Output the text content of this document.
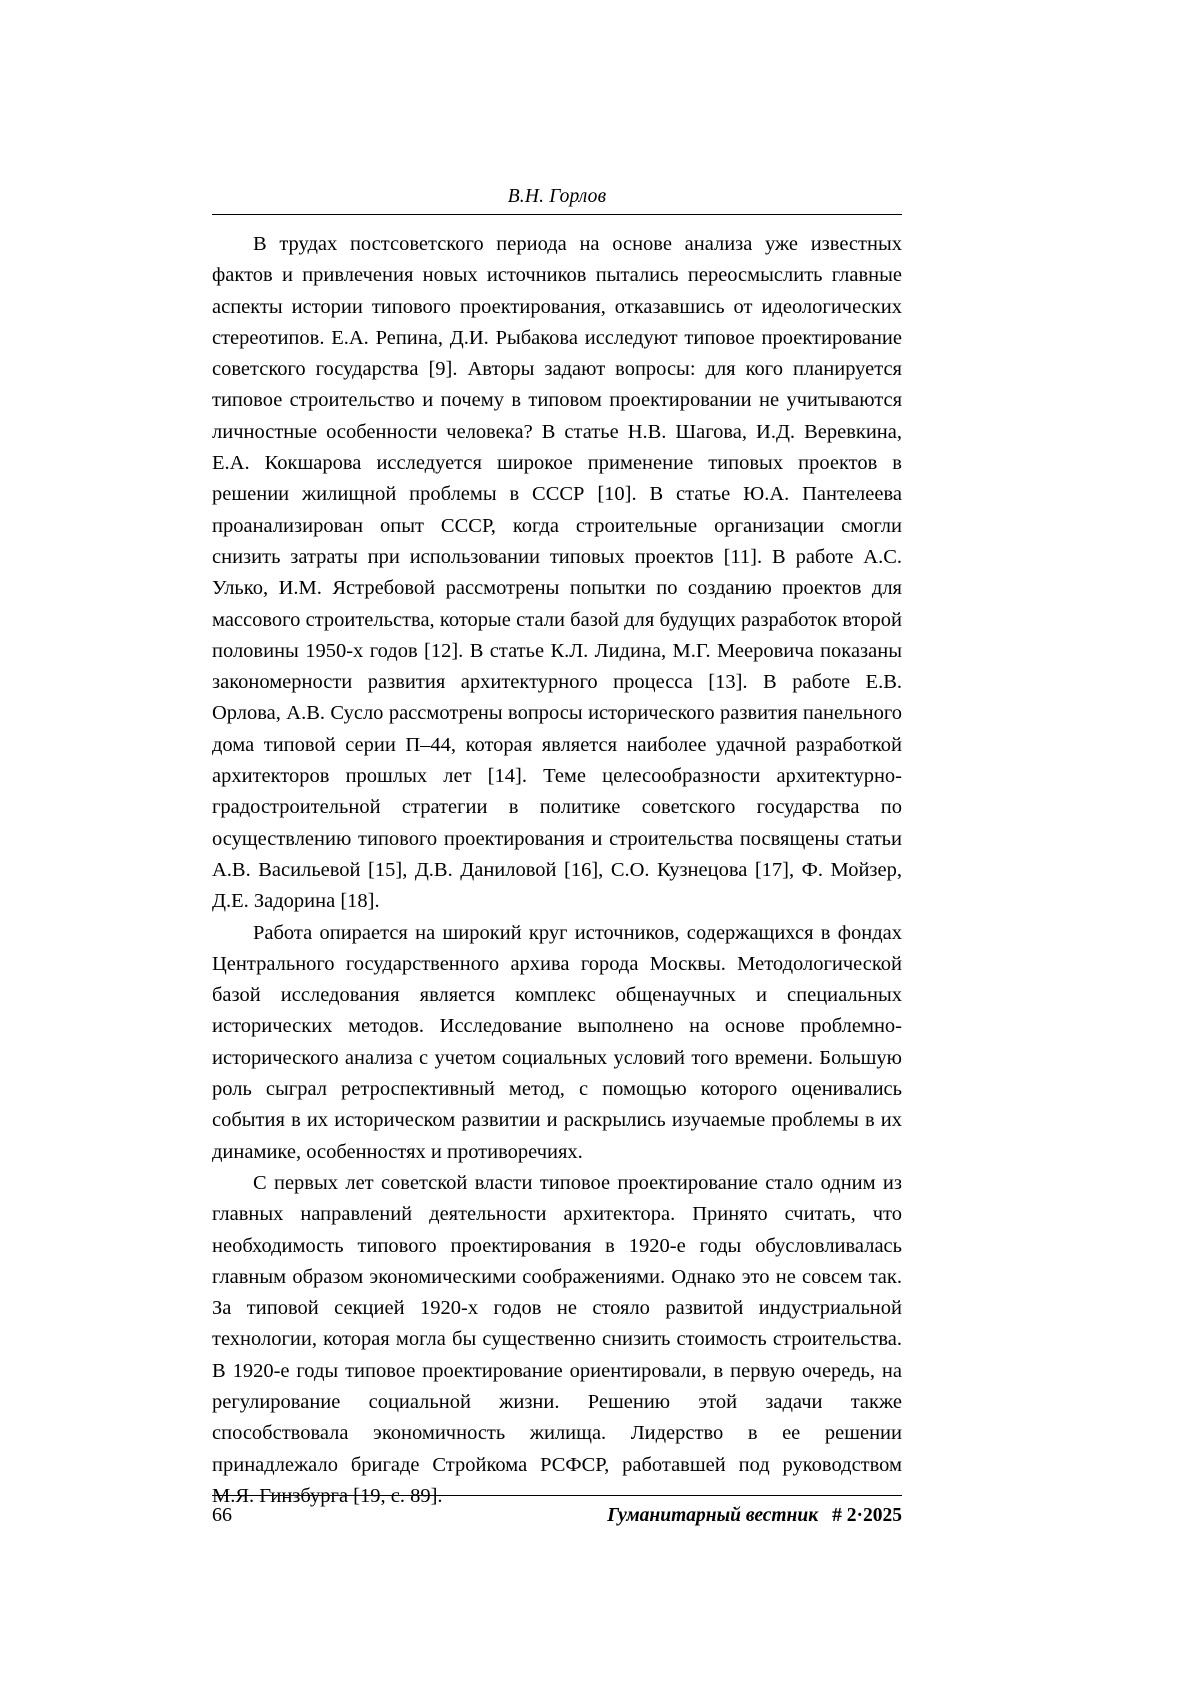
В.Н. Горлов

В трудах постсоветского периода на основе анализа уже известных фактов и привлечения новых источников пытались переосмыслить главные аспекты истории типового проектирования, отказавшись от идеологических стереотипов. Е.А. Репина, Д.И. Рыбакова исследуют типовое проектирование советского государства [9]. Авторы задают вопросы: для кого планируется типовое строительство и почему в типовом проектировании не учитываются личностные особенности человека? В статье Н.В. Шагова, И.Д. Веревкина, Е.А. Кокшарова исследуется широкое применение типовых проектов в решении жилищной проблемы в СССР [10]. В статье Ю.А. Пантелеева проанализирован опыт СССР, когда строительные организации смогли снизить затраты при использовании типовых проектов [11]. В работе А.С. Улько, И.М. Ястребовой рассмотрены попытки по созданию проектов для массового строительства, которые стали базой для будущих разработок второй половины 1950-х годов [12]. В статье К.Л. Лидина, М.Г. Мееровича показаны закономерности развития архитектурного процесса [13]. В работе Е.В. Орлова, А.В. Сусло рассмотрены вопросы исторического развития панельного дома типовой серии П–44, которая является наиболее удачной разработкой архитекторов прошлых лет [14]. Теме целесообразности архитектурно-градостроительной стратегии в политике советского государства по осуществлению типового проектирования и строительства посвящены статьи А.В. Васильевой [15], Д.В. Даниловой [16], С.О. Кузнецова [17], Ф. Мойзер, Д.Е. Задорина [18].

Работа опирается на широкий круг источников, содержащихся в фондах Центрального государственного архива города Москвы. Методологической базой исследования является комплекс общенаучных и специальных исторических методов. Исследование выполнено на основе проблемно-исторического анализа с учетом социальных условий того времени. Большую роль сыграл ретроспективный метод, с помощью которого оценивались события в их историческом развитии и раскрылись изучаемые проблемы в их динамике, особенностях и противоречиях.

С первых лет советской власти типовое проектирование стало одним из главных направлений деятельности архитектора. Принято считать, что необходимость типового проектирования в 1920-е годы обусловливалась главным образом экономическими соображениями. Однако это не совсем так. За типовой секцией 1920-х годов не стояло развитой индустриальной технологии, которая могла бы существенно снизить стоимость строительства. В 1920-е годы типовое проектирование ориентировали, в первую очередь, на регулирование социальной жизни. Решению этой задачи также способствовала экономичность жилища. Лидерство в ее решении принадлежало бригаде Стройкома РСФСР, работавшей под руководством М.Я. Гинзбурга [19, с. 89].

66	Гуманитарный вестник # 2·2025
